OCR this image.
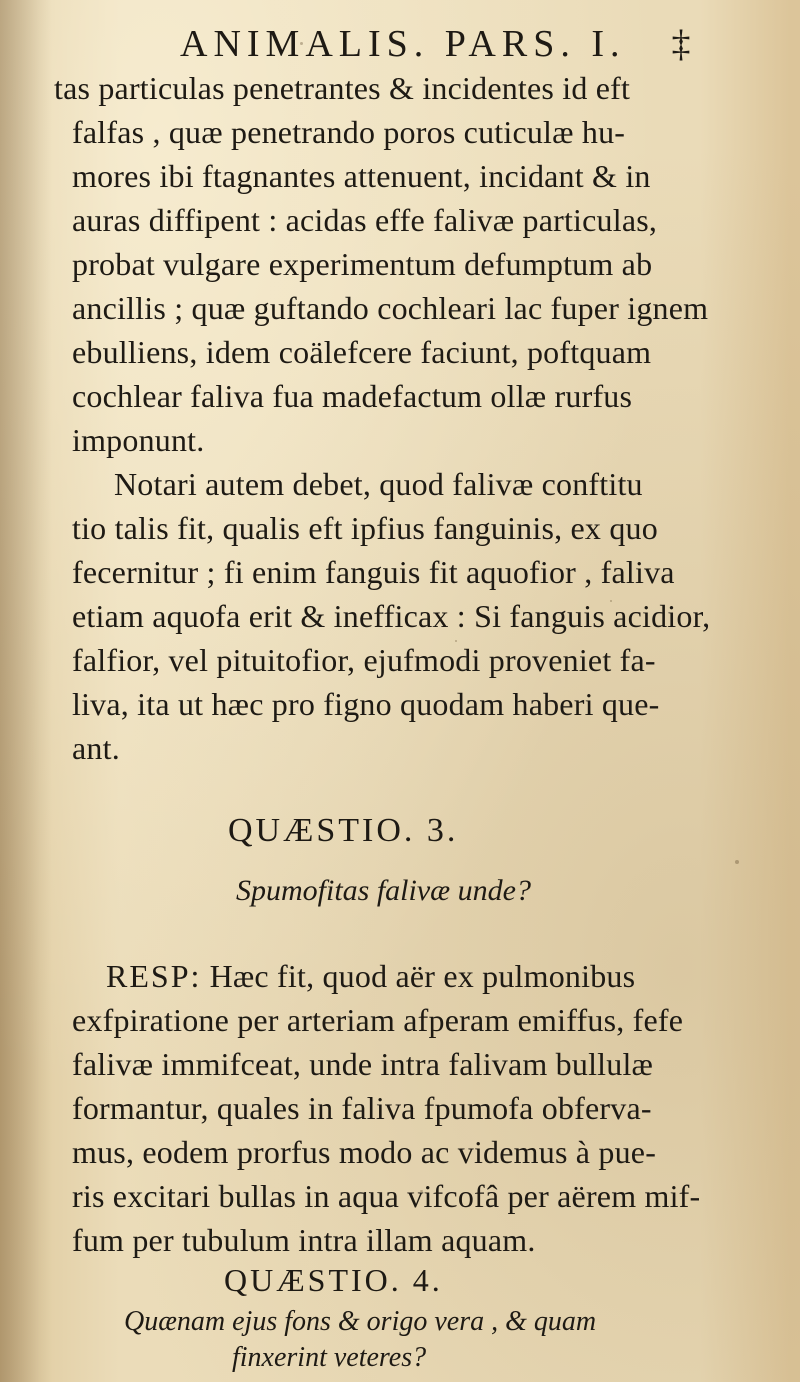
ANIMALIS. PARS. I. ‡
tas particulas penetrantes & incidentes id eft
falfas , quæ penetrando poros cuticulæ hu-
mores ibi ftagnantes attenuent, incidant & in
auras diffipent : acidas effe falivæ particulas,
probat vulgare experimentum defumptum ab
ancillis ; quæ guftando cochleari lac fuper ignem
ebulliens, idem coälefcere faciunt, poftquam
cochlear faliva fua madefactum ollæ rurfus
imponunt.
Notari autem debet, quod falivæ conftitu
tio talis fit, qualis eft ipfius fanguinis, ex quo
fecernitur ; fi enim fanguis fit aquofior , faliva
etiam aquofa erit & inefficax : Si fanguis acidior,
falfior, vel pituitofior, ejufmodi proveniet fa-
liva, ita ut hæc pro figno quodam haberi que-
ant.
QUÆSTIO. 3.
Spumofitas falivæ unde?
RESP: Hæc fit, quod aër ex pulmonibus
exfpiratione per arteriam afperam emiffus, fefe
falivæ immifceat, unde intra falivam bullulæ
formantur, quales in faliva fpumofa obferva-
mus, eodem prorfus modo ac videmus à pue-
ris excitari bullas in aqua vifcofâ per aërem mif-
fum per tubulum intra illam aquam.
QUÆSTIO. 4.
Quænam ejus fons & origo vera , & quam
finxerint veteres?
